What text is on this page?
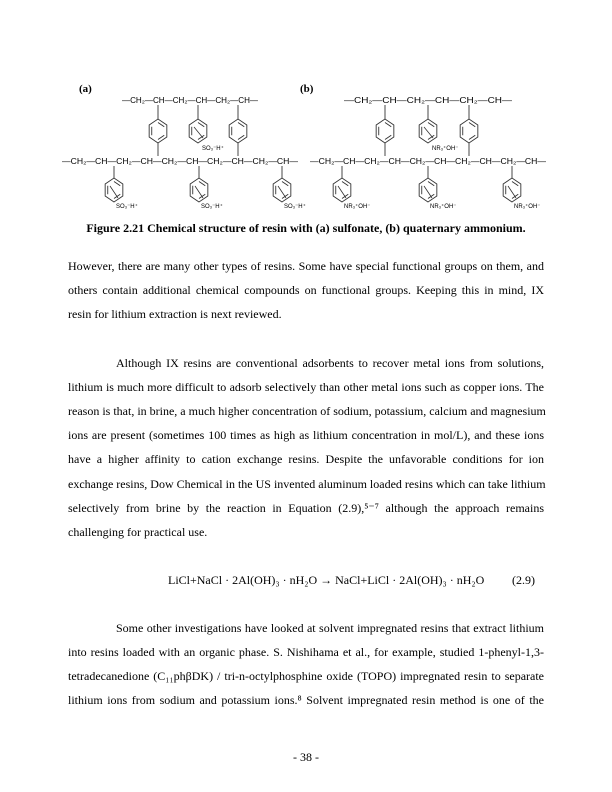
(a)
—CH₂—CH—CH₂—CH—CH₂—CH—
—CH₂—CH—CH₂—CH—CH₂—CH—CH₂—CH—CH₂—CH—
SO₃⁻H⁺
SO₃⁻H⁺	SO₃⁻H⁺	SO₃⁻H⁺
(b)
—CH₂—CH—CH₂—CH—CH₂—CH—
—CH₂—CH—CH₂—CH—CH₂—CH—CH₂—CH—CH₂—CH—
NR₃⁺OH⁻
NR₃⁺OH⁻	NR₃⁺OH⁻	NR₃⁺OH⁻
Figure 2.21 Chemical structure of resin with (a) sulfonate, (b) quaternary ammonium.
However, there are many other types of resins. Some have special functional groups on them, and
others contain additional chemical compounds on functional groups. Keeping this in mind, IX
resin for lithium extraction is next reviewed.
Although IX resins are conventional adsorbents to recover metal ions from solutions,
lithium is much more difficult to adsorb selectively than other metal ions such as copper ions. The
reason is that, in brine, a much higher concentration of sodium, potassium, calcium and magnesium
ions are present (sometimes 100 times as high as lithium concentration in mol/L), and these ions
have a higher affinity to cation exchange resins. Despite the unfavorable conditions for ion
exchange resins, Dow Chemical in the US invented aluminum loaded resins which can take lithium
selectively from brine by the reaction in Equation (2.9),⁵⁻⁷ although the approach remains
challenging for practical use.
Some other investigations have looked at solvent impregnated resins that extract lithium
into resins loaded with an organic phase. S. Nishihama et al., for example, studied 1-phenyl-1,3-
tetradecanedione (C₁₁phβDK) / tri-n-octylphosphine oxide (TOPO) impregnated resin to separate
lithium ions from sodium and potassium ions.⁸ Solvent impregnated resin method is one of the
LiCl+NaCl · 2Al(OH)₃ · nH₂O → NaCl+LiCl · 2Al(OH)₃ · nH₂O (2.9)
- 38 -
